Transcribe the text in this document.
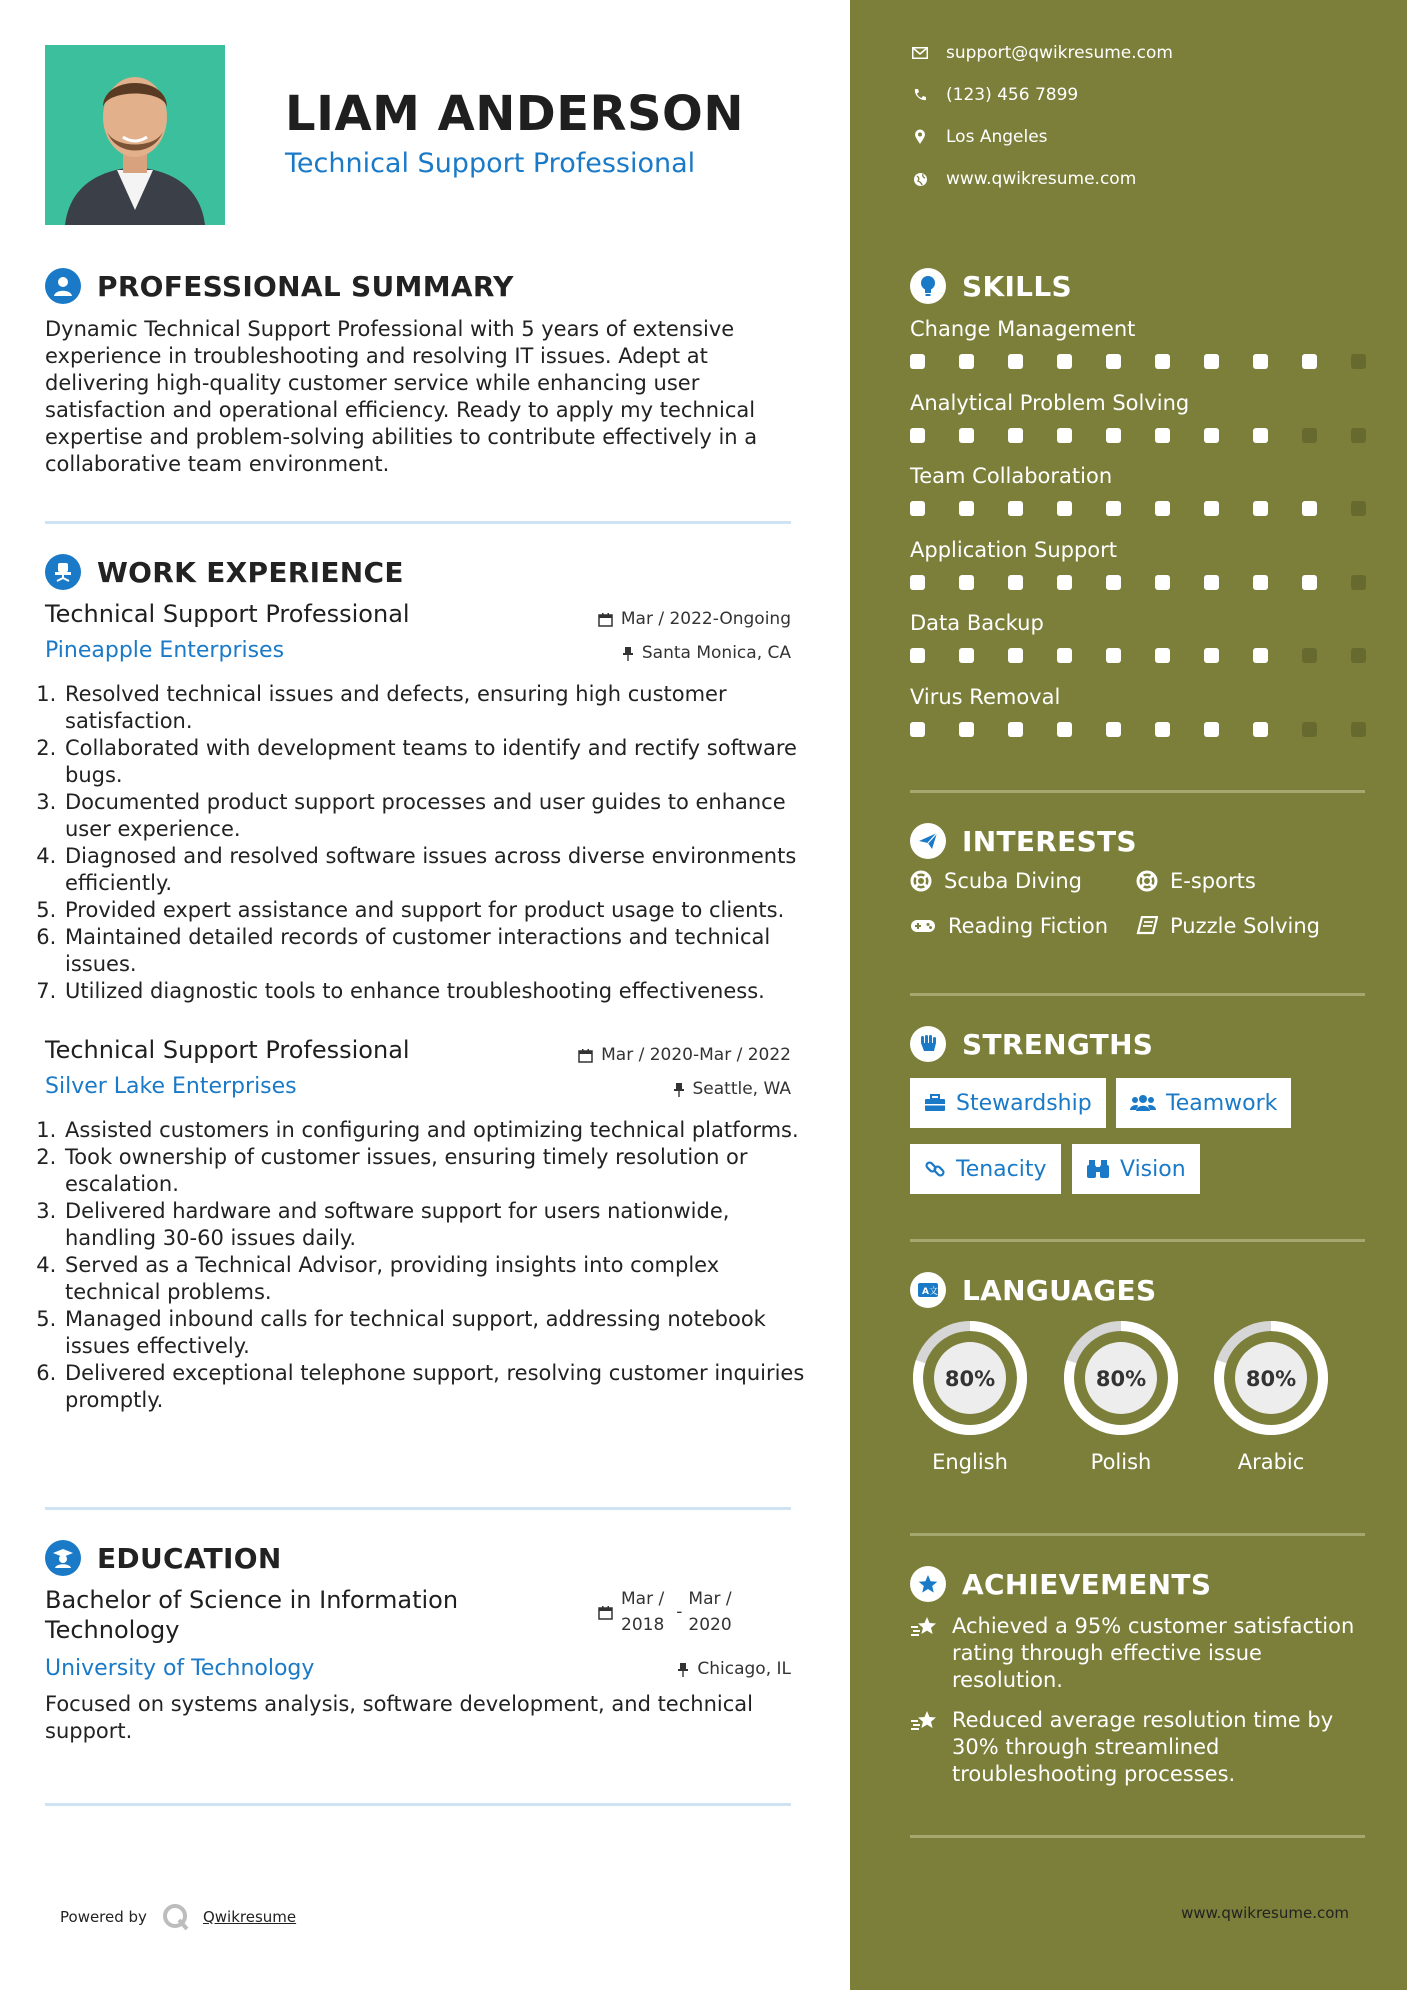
LIAM ANDERSON
Technical Support Professional
PROFESSIONAL SUMMARY
Dynamic Technical Support Professional with 5 years of extensive experience in troubleshooting and resolving IT issues. Adept at delivering high-quality customer service while enhancing user satisfaction and operational efficiency. Ready to apply my technical expertise and problem-solving abilities to contribute effectively in a collaborative team environment.
WORK EXPERIENCE
Technical Support Professional	Mar / 2022-Ongoing
Pineapple Enterprises	Santa Monica, CA
1. Resolved technical issues and defects, ensuring high customer satisfaction.
2. Collaborated with development teams to identify and rectify software bugs.
3. Documented product support processes and user guides to enhance user experience.
4. Diagnosed and resolved software issues across diverse environments efficiently.
5. Provided expert assistance and support for product usage to clients.
6. Maintained detailed records of customer interactions and technical issues.
7. Utilized diagnostic tools to enhance troubleshooting effectiveness.
Technical Support Professional	Mar / 2020-Mar / 2022
Silver Lake Enterprises	Seattle, WA
1. Assisted customers in configuring and optimizing technical platforms.
2. Took ownership of customer issues, ensuring timely resolution or escalation.
3. Delivered hardware and software support for users nationwide, handling 30-60 issues daily.
4. Served as a Technical Advisor, providing insights into complex technical problems.
5. Managed inbound calls for technical support, addressing notebook issues effectively.
6. Delivered exceptional telephone support, resolving customer inquiries promptly.
EDUCATION
Bachelor of Science in Information Technology
Mar /
2018
-
Mar /
2020
University of Technology	Chicago, IL
Focused on systems analysis, software development, and technical support.
Powered by	Qwikresume
support@qwikresume.com
(123) 456 7899
Los Angeles
www.qwikresume.com
SKILLS
Change Management
Analytical Problem Solving
Team Collaboration
Application Support
Data Backup
Virus Removal
INTERESTS
Scuba Diving	E-sports
Reading Fiction	Puzzle Solving
STRENGTHS
Stewardship	Teamwork
Tenacity	Vision
A 文 LANGUAGES
80%
English
80%
Polish
80%
Arabic
ACHIEVEMENTS
Achieved a 95% customer satisfaction rating through effective issue resolution.
Reduced average resolution time by 30% through streamlined troubleshooting processes.
www.qwikresume.com
